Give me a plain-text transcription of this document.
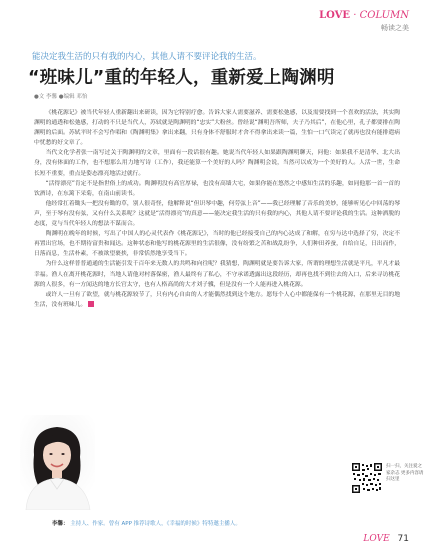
LOVE · COLUMN
畅读之美
能决定我生活的只有我的内心，其他人请不要评论我的生活。
“班味儿”重的年轻人，重新爱上陶渊明
●文 李馨 ●编辑 邓怡

《桃花源记》被当代年轻人重新翻出来研读，因为它特别疗愈。告诉大家人需要滋养、需要松弛感，以及需要找到一个喜欢的活法，其实陶渊明的通透和松弛感，打动的不只是当代人，苏轼就是陶渊明的“忠实”大粉丝。曾经说“渊明吾所师，夫子乃其后”，在他心里，孔子都要排在陶渊明的后面。苏轼平时不会写作唱和《陶渊明集》拿出来翻，只有身体不舒服时才舍不得拿出来读一篇，生怕一口气读完了就再也没有能排遣病中忧愁的好文章了。

当代文化学者张一南写过关于陶渊明的文章，里面有一段话很有趣。她说当代年轻人如果跟陶渊明聊天，问他：如果我不是清华、北大出身，没有体面的工作，也不想那么用力地写诗（工作），我还能算一个美好的人吗？陶渊明会说，当然可以成为一个美好的人。人活一世，生命长短不重要，重点是姿态漂亮地活过就行。

“活得漂亮”肯定不是指世俗上的成功。陶渊明没有高官厚禄，也没有高墙大宅，如果你能在悠然之中感知生活的乐趣，如同他那一首一首的饮酒诗，在东篱下采菊，在南山前读书。

他经常扛着锄头一把没有锄的草，别人很奇怪，他解释说“但识琴中趣，何劳弦上音”——我已经理解了音乐的美妙，能够听见心中回荡的琴声，至于琴有没有弦，又有什么关系呢？这就是“活得漂亮”的真意——能决定我生活的只有我的内心，其他人请不要评论我的生活。这种洒脱的态度，竟与当代年轻人的想法不谋而合。

陶渊明在晚年的时候，写出了中国人的心灵代表作《桃花源记》，当时的他已经接受自己的内心达成了和解，在穷与达中选择了穷，决定不再置出官场，也不期待富贵和闻达。这种状态和他写的桃花源里的生活很像，没有纷繁之苦和战乱纷争，人们种田养蚕，自给自足，日出而作，日落而息，生活朴素，不被欲望裹挟，非常恬然地享受当下。

为什么这样普普通通的生活能引发千百年来无数人的共鸣和向往呢？我猜想，陶渊明就是要告诉大家，所谓的理想生活就是平凡，平凡才最幸福。渔人在离开桃花源时，当地人请他对村落保密，渔人最终有了私心，不守承诺透露出这段经历，却再也找不到往去的入口，后来寻访桃花源的人很多，有一方闻达的地方长官太守，也有人格高尚的大才刘子骥，但是没有一个人能再进入桃花源。

或许人一旦有了欲望，就与桃花源较节了，只有内心自由的人才能偶然找到这个地方。愿每个人心中都能保有一个桃花源，在那里无目的地生活，没有班味儿。

李馨： 主持人、作家。曾有 APP 推荐诗歌人，《幸福的时候》特特邀主播人。
扫一扫，关注爱之家杂志 更多内容请扫这里
LOVE 71
